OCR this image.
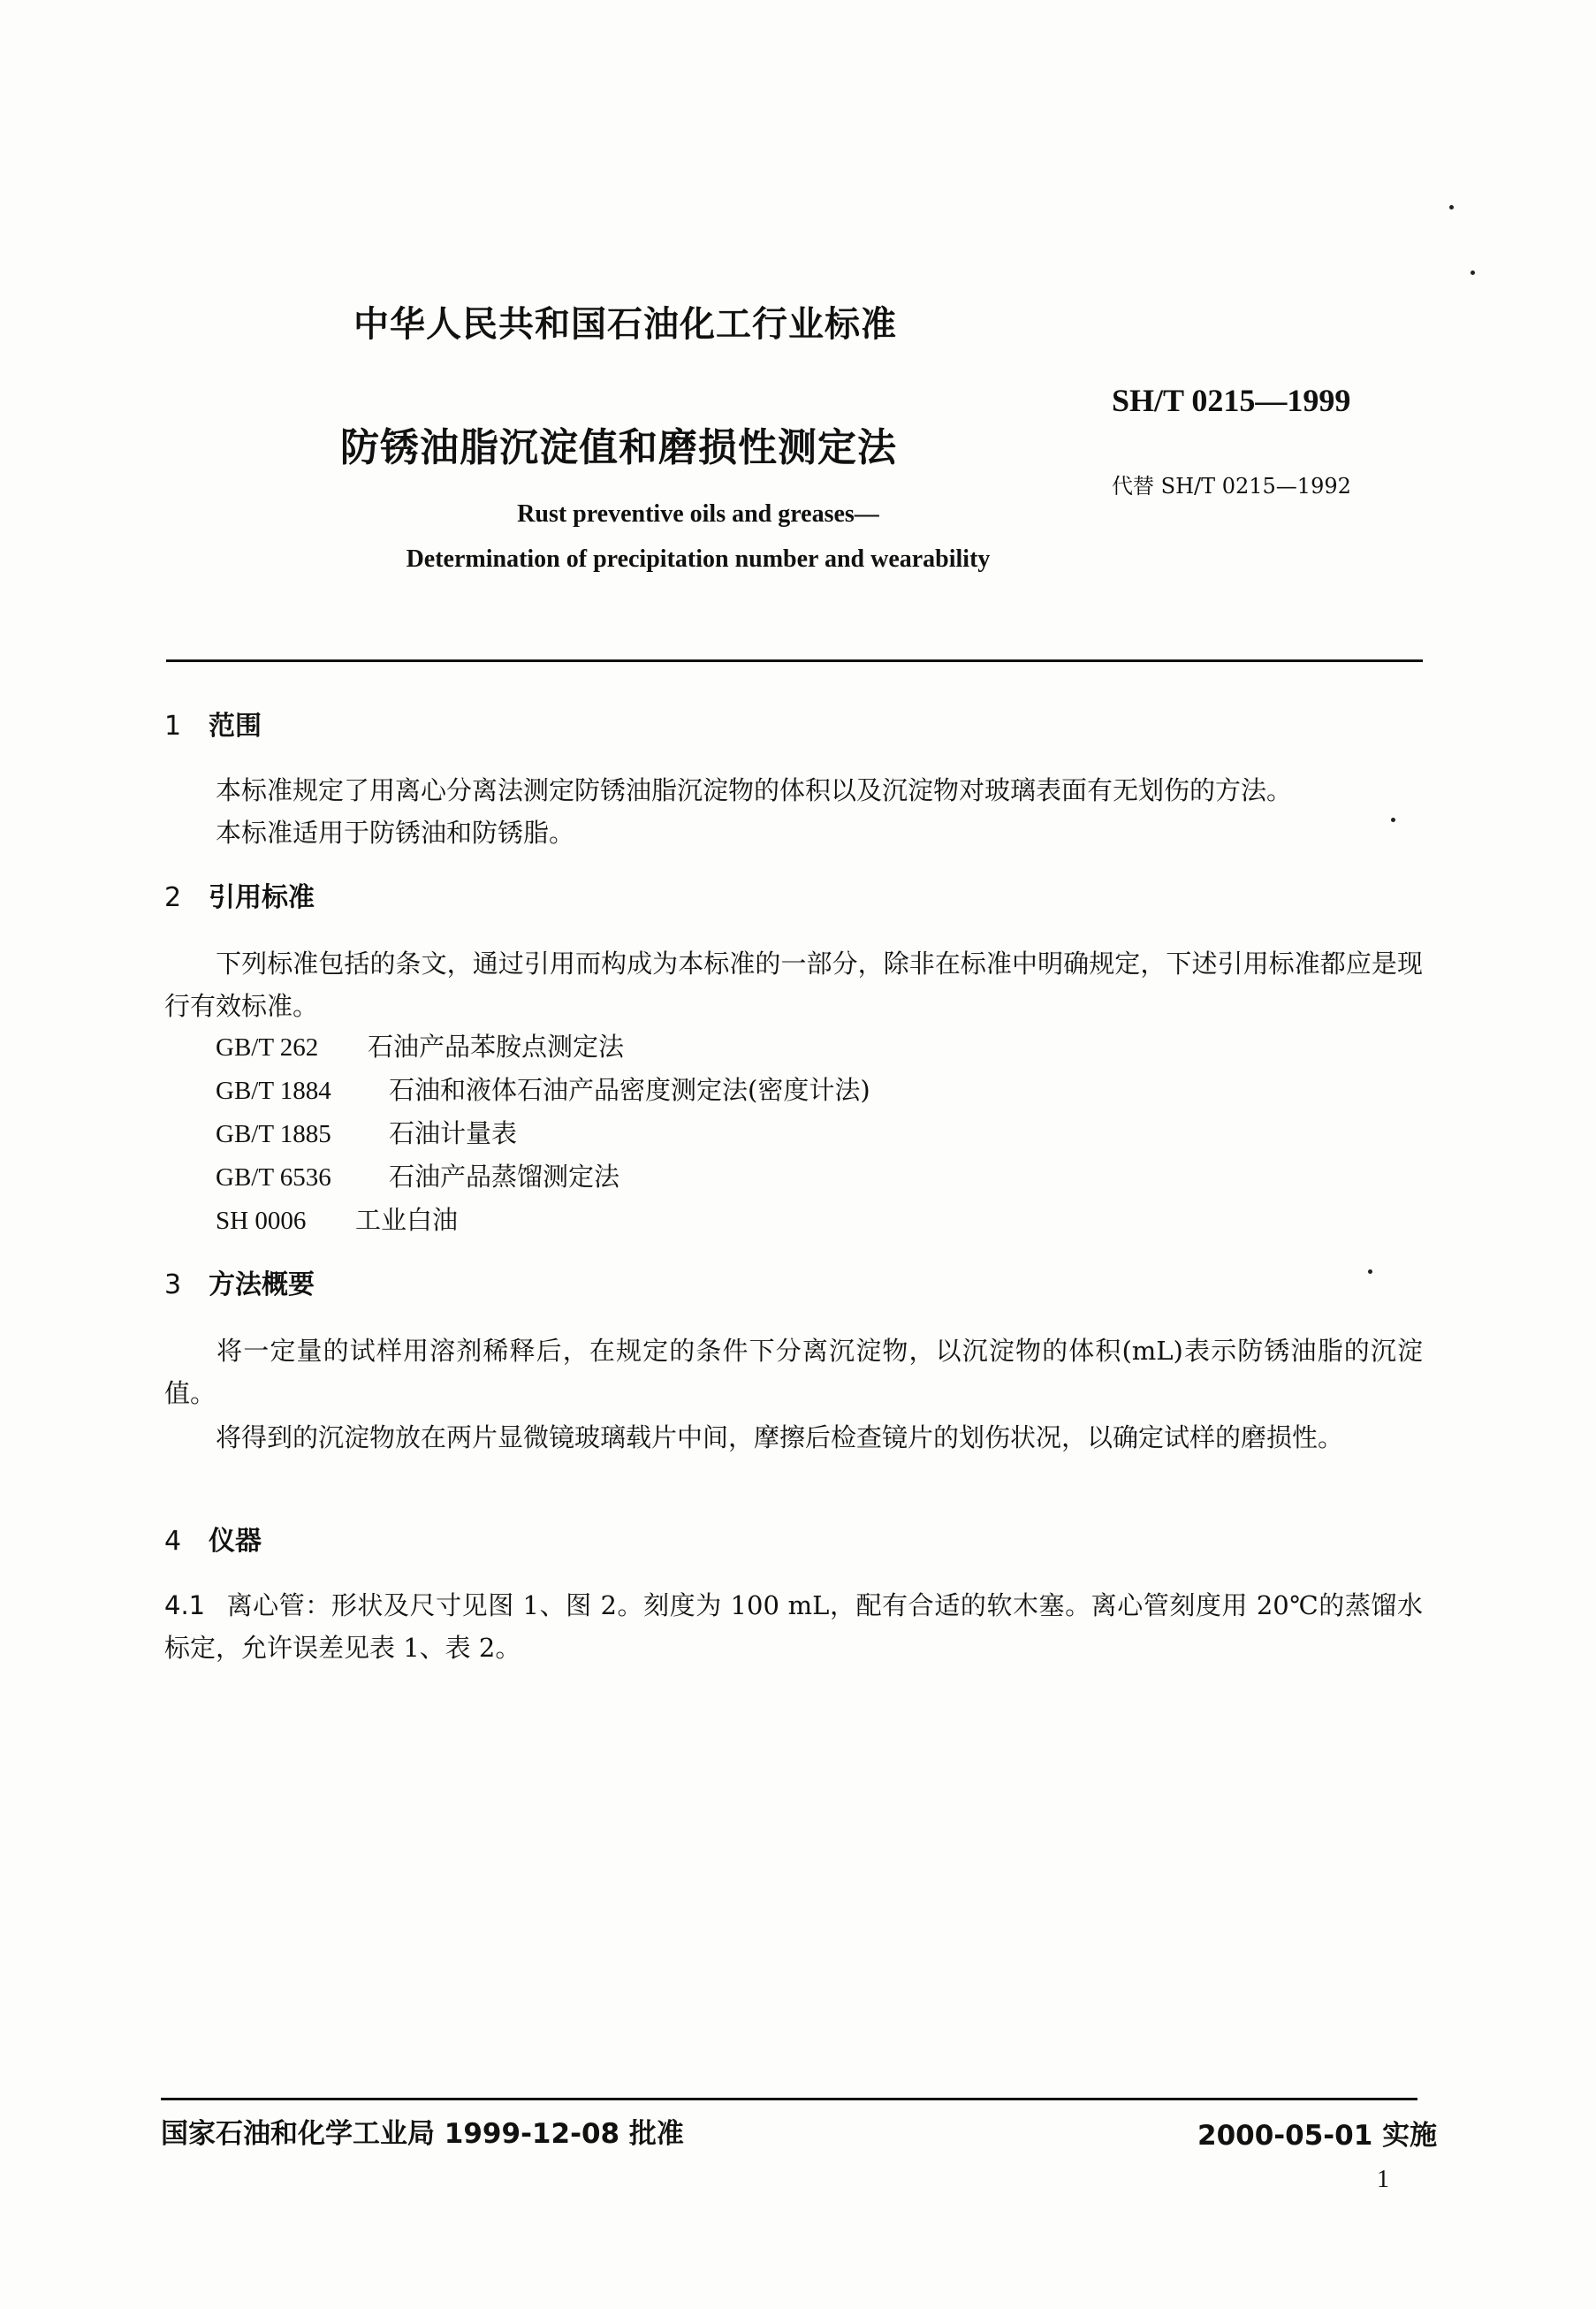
中华人民共和国石油化工行业标准
SH/T 0215—1999
防锈油脂沉淀值和磨损性测定法
代替 SH/T 0215—1992
Rust preventive oils and greases—
Determination of precipitation number and wearability
1 范围
本标准规定了用离心分离法测定防锈油脂沉淀物的体积以及沉淀物对玻璃表面有无划伤的方法。
本标准适用于防锈油和防锈脂。
2 引用标准
下列标准包括的条文，通过引用而构成为本标准的一部分，除非在标准中明确规定，下述引用标准都应是现行有效标准。
GB/T 262 石油产品苯胺点测定法
GB/T 1884 石油和液体石油产品密度测定法(密度计法)
GB/T 1885 石油计量表
GB/T 6536 石油产品蒸馏测定法
SH 0006 工业白油
3 方法概要
将一定量的试样用溶剂稀释后，在规定的条件下分离沉淀物，以沉淀物的体积(mL)表示防锈油脂的沉淀值。
将得到的沉淀物放在两片显微镜玻璃载片中间，摩擦后检查镜片的划伤状况，以确定试样的磨损性。
4 仪器
4.1 离心管：形状及尺寸见图 1、图 2。刻度为 100 mL，配有合适的软木塞。离心管刻度用 20℃的蒸馏水标定，允许误差见表 1、表 2。
国家石油和化学工业局 1999-12-08 批准	2000-05-01 实施
1
